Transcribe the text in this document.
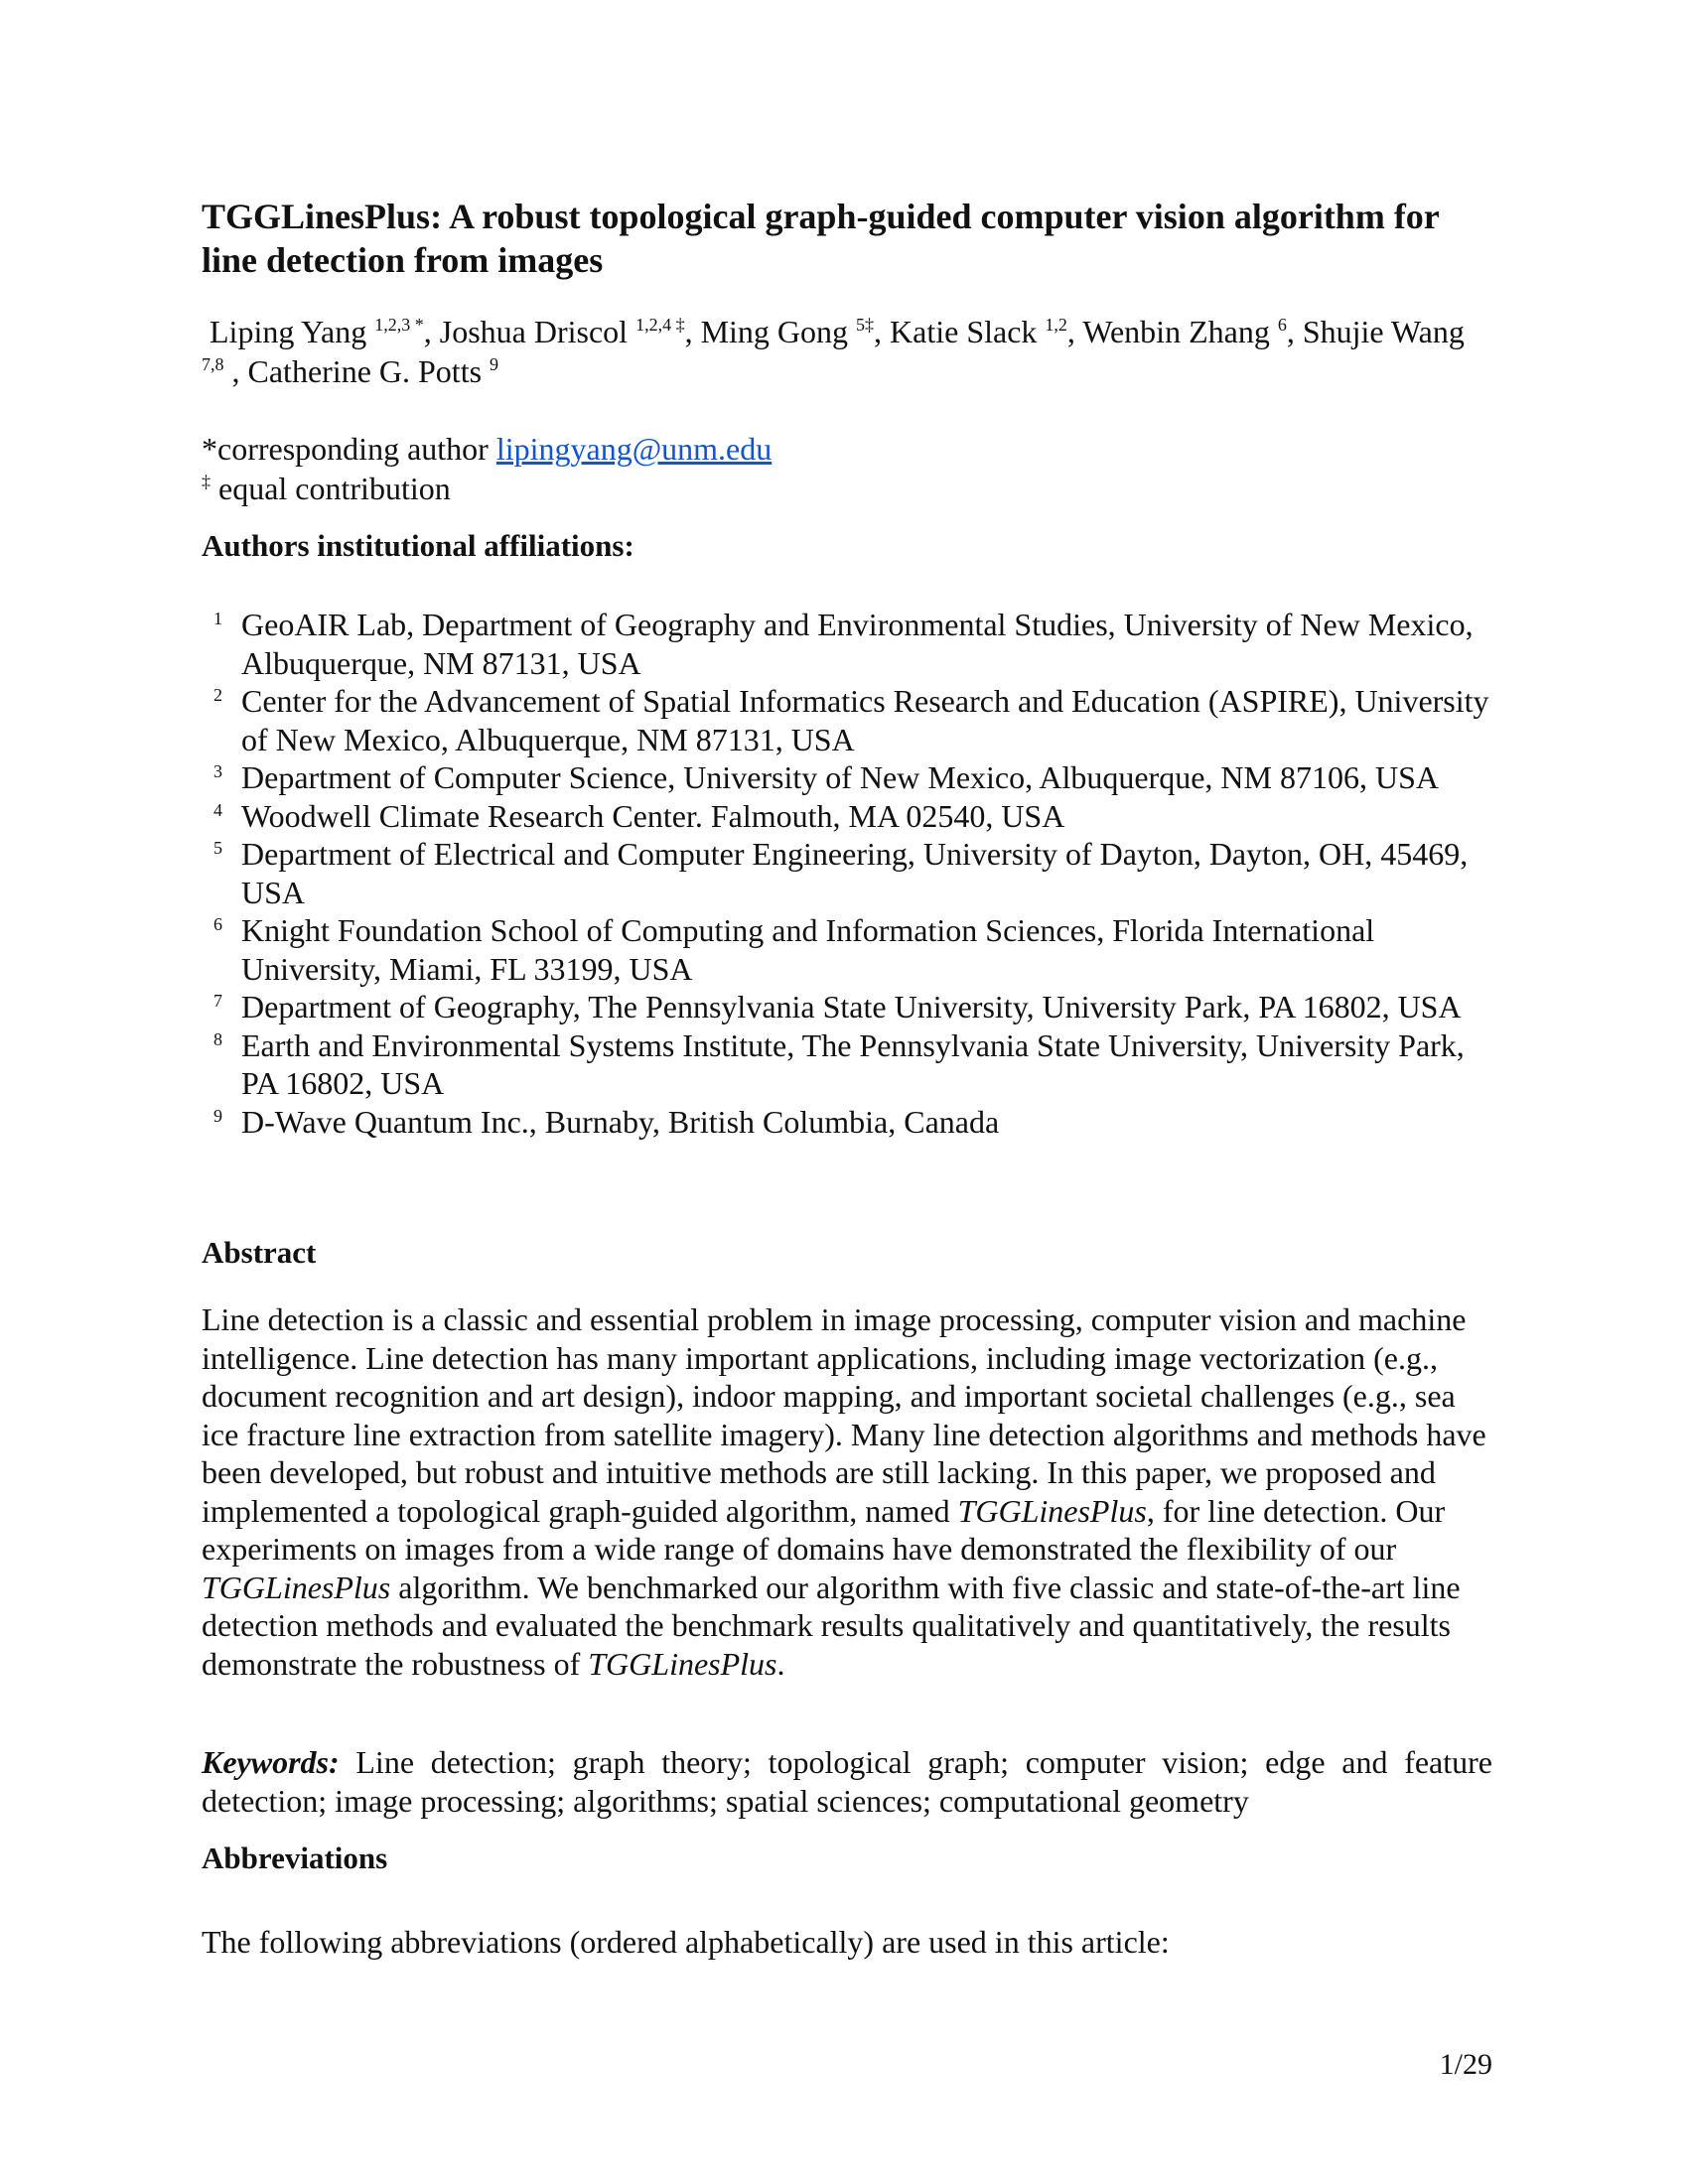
TGGLinesPlus: A robust topological graph-guided computer vision algorithm for line detection from images
Liping Yang $^{1,2,3 *}$, Joshua Driscol $^{1,2,4 \ddagger}$, Ming Gong $^{5\ddagger}$, Katie Slack $^{1,2}$, Wenbin Zhang $^6$, Shujie Wang $^{7,8}$ , Catherine G. Potts $^9$
*corresponding author lipingyang@unm.edu
‡ equal contribution
Authors institutional affiliations:
1 GeoAIR Lab, Department of Geography and Environmental Studies, University of New Mexico, Albuquerque, NM 87131, USA
2 Center for the Advancement of Spatial Informatics Research and Education (ASPIRE), University of New Mexico, Albuquerque, NM 87131, USA
3 Department of Computer Science, University of New Mexico, Albuquerque, NM 87106, USA
4 Woodwell Climate Research Center. Falmouth, MA 02540, USA
5 Department of Electrical and Computer Engineering, University of Dayton, Dayton, OH, 45469, USA
6 Knight Foundation School of Computing and Information Sciences, Florida International University, Miami, FL 33199, USA
7 Department of Geography, The Pennsylvania State University, University Park, PA 16802, USA
8 Earth and Environmental Systems Institute, The Pennsylvania State University, University Park, PA 16802, USA
9 D-Wave Quantum Inc., Burnaby, British Columbia, Canada
Abstract

Line detection is a classic and essential problem in image processing, computer vision and machine intelligence. Line detection has many important applications, including image vectorization (e.g., document recognition and art design), indoor mapping, and important societal challenges (e.g., sea ice fracture line extraction from satellite imagery). Many line detection algorithms and methods have been developed, but robust and intuitive methods are still lacking. In this paper, we proposed and implemented a topological graph-guided algorithm, named TGGLinesPlus, for line detection. Our experiments on images from a wide range of domains have demonstrated the flexibility of our TGGLinesPlus algorithm. We benchmarked our algorithm with five classic and state-of-the-art line detection methods and evaluated the benchmark results qualitatively and quantitatively, the results demonstrate the robustness of TGGLinesPlus.

Keywords: Line detection; graph theory; topological graph; computer vision; edge and feature detection; image processing; algorithms; spatial sciences; computational geometry

Abbreviations

The following abbreviations (ordered alphabetically) are used in this article:

1/29
